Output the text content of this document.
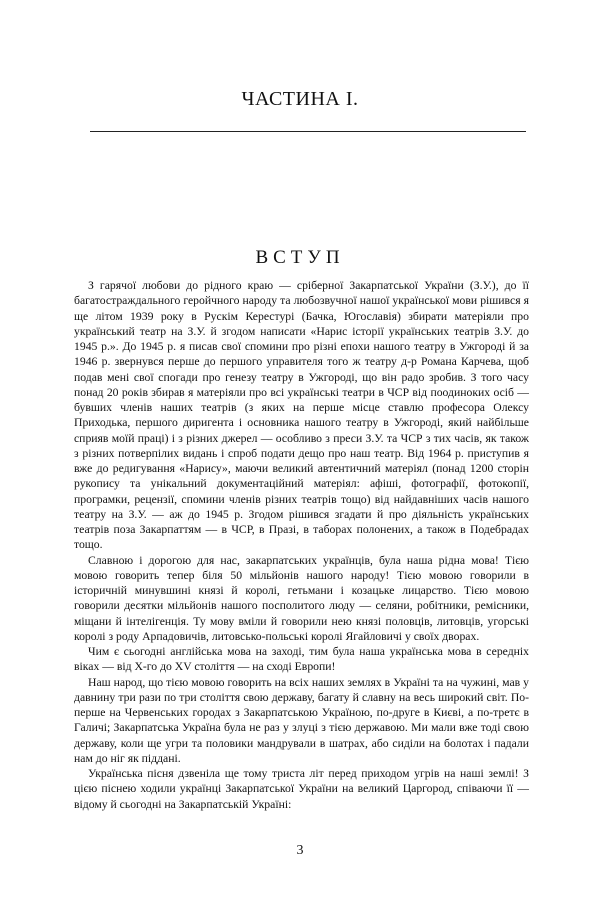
ЧАСТИНА І.
ВСТУП

З гарячої любови до рідного краю — сріберної Закарпатської України (З.У.), до її багатостраждального геройчного народу та любозвучної нашої української мови рішився я ще літом 1939 року в Рускім Керестурі (Бачка, Югославія) збирати матеріяли про український театр на З.У. й згодом написати «Нарис історії українських театрів З.У. до 1945 р.». До 1945 р. я писав свої спомини про різні епохи нашого театру в Ужгороді й за 1946 р. звернувся перше до першого управителя того ж театру д-р Романа Карчева, щоб подав мені свої спогади про генезу театру в Ужгороді, що він радо зробив. З того часу понад 20 років збирав я матеріяли про всі українські театри в ЧСР від поодиноких осіб — бувших членів наших театрів (з яких на перше місце ставлю професора Олексу Приходька, першого диригента і основника нашого театру в Ужгороді, який найбільше сприяв моїй праці) і з різних джерел — особливо з преси З.У. та ЧСР з тих часів, як також з різних потверпілих видань і спроб подати дещо про наш театр. Від 1964 р. приступив я вже до редигування «Нарису», маючи великий автентичний матеріял (понад 1200 сторін рукопису та унікальний документаційний матеріял: афіші, фотографії, фотокопії, програмки, рецензії, спомини членів різних театрів тощо) від найдавніших часів нашого театру на З.У. — аж до 1945 р. Згодом рішився згадати й про діяльність українських театрів поза Закарпаттям — в ЧСР, в Празі, в таборах полонених, а також в Подебрадах тощо.

Славною і дорогою для нас, закарпатських українців, була наша рідна мова! Тією мовою говорить тепер біля 50 мільйонів нашого народу! Тією мовою говорили в історичній минувшині князі й королі, гетьмани і козацьке лицарство. Тією мовою говорили десятки мільйонів нашого посполитого люду — селяни, робітники, ремісники, міщани й інтелігенція. Ту мову вміли й говорили нею князі половців, литовців, угорські королі з роду Арпадовичів, литовсько-польські королі Ягайловичі у своїх дворах.

Чим є сьогодні англійська мова на заході, тим була наша українська мова в середніх віках — від X-го до XV століття — на сході Европи!

Наш народ, що тією мовою говорить на всіх наших землях в Україні та на чужині, мав у давнину три рази по три століття свою державу, багату й славну на весь широкий світ. По-перше на Червенських городах з Закарпатською Україною, по-друге в Києві, а по-третє в Галичі; Закарпатська Україна була не раз у злуці з тією державою. Ми мали вже тоді свою державу, коли ще угри та половики мандрували в шатрах, або сиділи на болотах і падали нам до ніг як піддані.

Українська пісня дзвеніла ще тому триста літ перед приходом угрів на наші землі! З цією піснею ходили українці Закарпатської України на великий Царгород, співаючи її — відому й сьогодні на Закарпатській Україні:

3
